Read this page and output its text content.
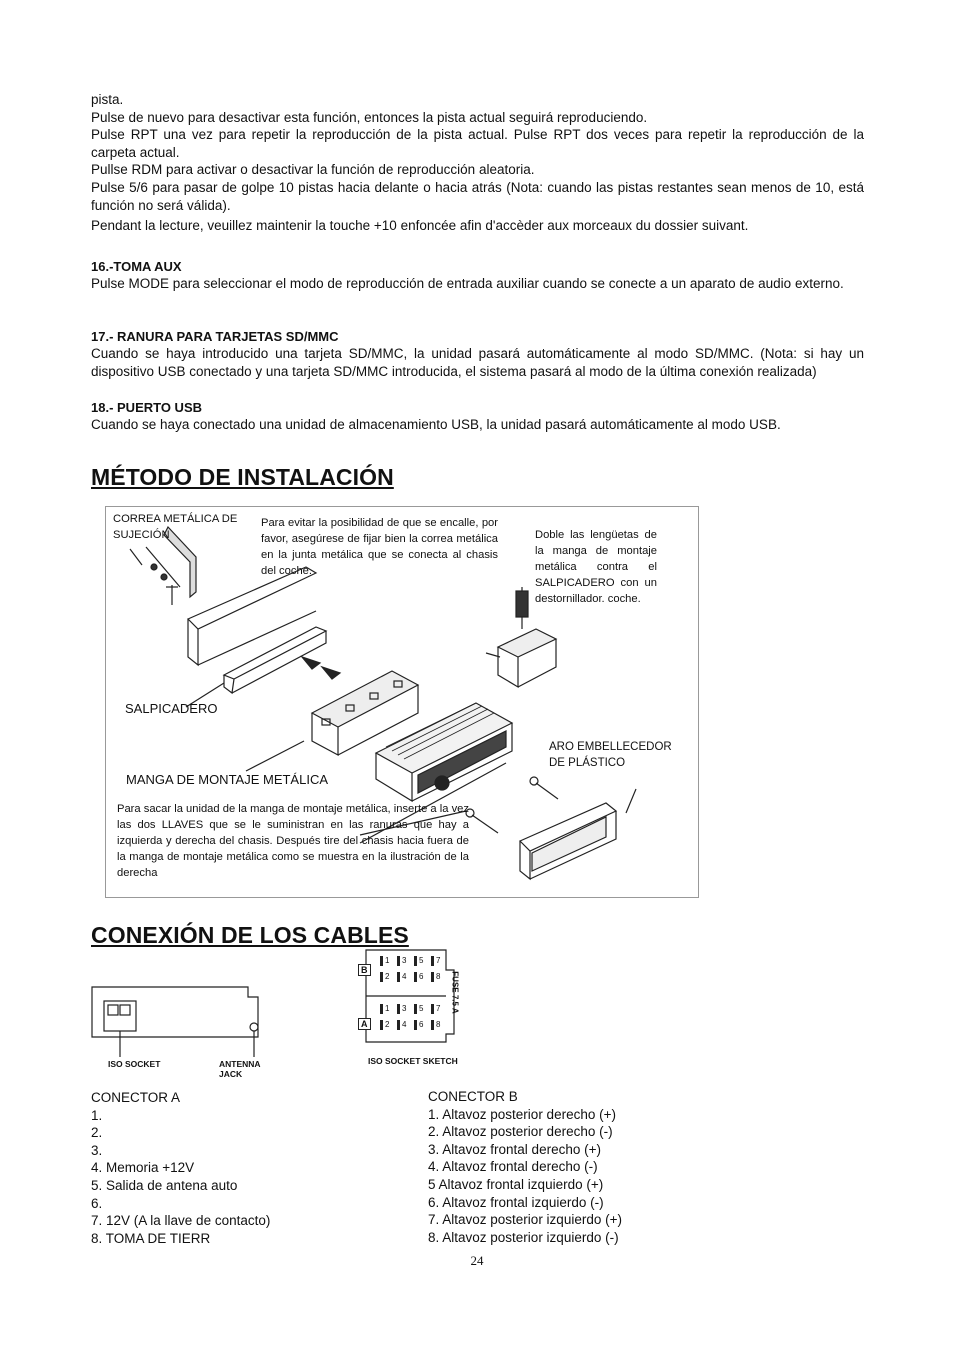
pista.
Pulse de nuevo para desactivar esta función, entonces la pista actual seguirá reproduciendo.
Pulse RPT una vez para repetir la reproducción de la pista actual. Pulse RPT dos veces para repetir la reproducción de la carpeta actual.
Pullse RDM para activar o desactivar la función de reproducción aleatoria.
Pulse 5/6 para pasar de golpe 10 pistas hacia delante o hacia atrás (Nota: cuando las pistas restantes sean menos de 10, está función no será válida).
Pendant la lecture, veuillez maintenir la touche +10 enfoncée afin d'accèder aux morceaux du dossier suivant.
16.-TOMA AUX
Pulse MODE para seleccionar el modo de reproducción de entrada auxiliar cuando se conecte a un aparato de audio externo.
17.- RANURA PARA TARJETAS SD/MMC
Cuando se haya introducido una tarjeta SD/MMC, la unidad pasará automáticamente al modo SD/MMC. (Nota: si hay un dispositivo USB conectado y una tarjeta SD/MMC introducida, el sistema pasará al modo de la última conexión realizada)
18.- PUERTO USB
Cuando se haya conectado una unidad de almacenamiento USB, la unidad pasará automáticamente al modo USB.
MÉTODO DE INSTALACIÓN
CORREA METÁLICA DE SUJECIÓN
Para evitar la posibilidad de que se encalle, por favor, asegúrese de fijar bien la correa metálica en la junta metálica que se conecta al chasis del coche.
Doble las lengüetas de la manga de montaje metálica contra el SALPICADERO con un destornillador. coche.
SALPICADERO
ARO EMBELLECEDOR DE PLÁSTICO
MANGA DE MONTAJE METÁLICA
Para sacar la unidad de la manga de montaje metálica, inserte a la vez las dos LLAVES que se le suministran en las ranuras que hay a izquierda y derecha del chasis. Después tire del chasis hacia fuera de la manga de montaje metálica como se muestra en la ilustración de la derecha
CONEXIÓN DE LOS CABLES
ISO SOCKET	ANTENNA JACK
B
A
1 3 5 7
2 4 6 8
1 3 5 7
2 4 6 8
FUSE 7.5 A
ISO SOCKET SKETCH
CONECTOR A
1.
2.
3.
4. Memoria +12V
5. Salida de antena auto
6.
7. 12V (A la llave de contacto)
8. TOMA DE TIERR
CONECTOR B
1. Altavoz posterior derecho (+)
2. Altavoz posterior derecho (-)
3. Altavoz frontal derecho (+)
4. Altavoz frontal derecho (-)
5 Altavoz frontal izquierdo (+)
6. Altavoz frontal izquierdo (-)
7. Altavoz posterior izquierdo (+)
8. Altavoz posterior izquierdo (-)
24
